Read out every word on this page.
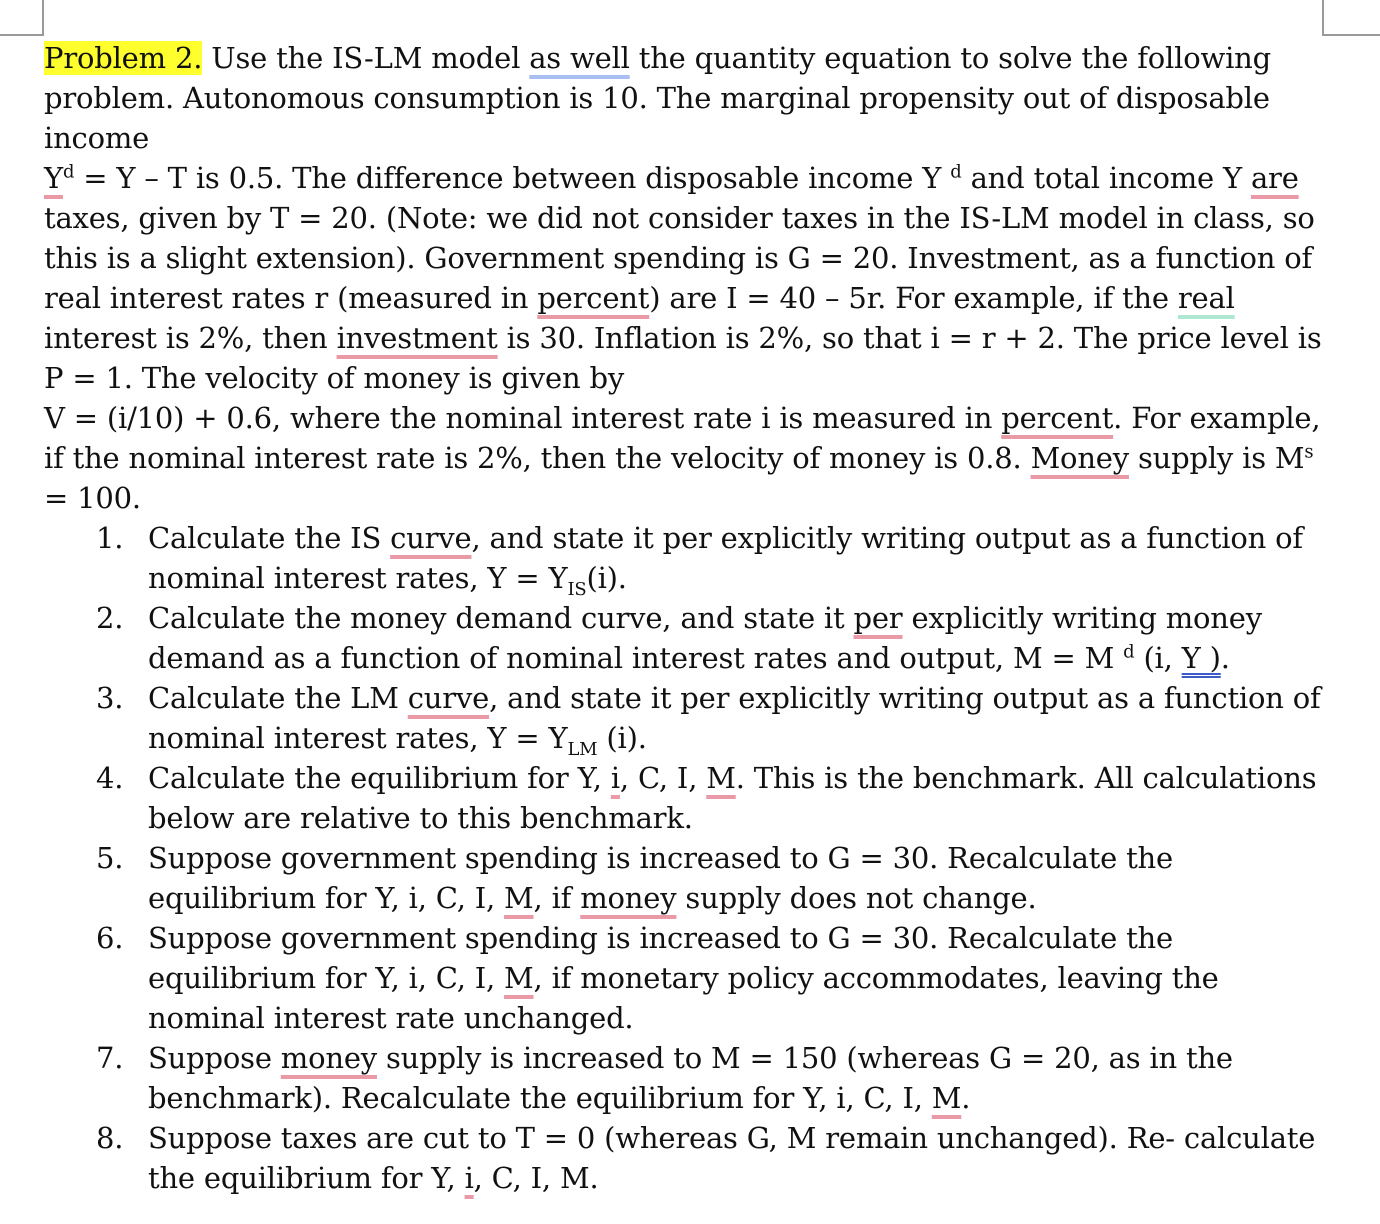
Problem 2. Use the IS-LM model as well the quantity equation to solve the following problem. Autonomous consumption is 10. The marginal propensity out of disposable income
$Y^d = Y - T$ is 0.5. The difference between disposable income Y $^d$ and total income Y are taxes, given by T = 20. (Note: we did not consider taxes in the IS-LM model in class, so this is a slight extension). Government spending is G = 20. Investment, as a function of real interest rates r (measured in percent) are I = 40 – 5r. For example, if the real interest is 2%, then investment is 30. Inflation is 2%, so that i = r + 2. The price level is P = 1. The velocity of money is given by
V = (i/10) + 0.6, where the nominal interest rate i is measured in percent. For example, if the nominal interest rate is 2%, then the velocity of money is 0.8. Money supply is $M^s = 100$.

1. Calculate the IS curve, and state it per explicitly writing output as a function of nominal interest rates, $Y = Y_{IS}(i)$.
2. Calculate the money demand curve, and state it per explicitly writing money demand as a function of nominal interest rates and output, M = M $^d$ (i, Y ).
3. Calculate the LM curve, and state it per explicitly writing output as a function of nominal interest rates, $Y = Y_{LM}$ (i).
4. Calculate the equilibrium for Y, i, C, I, M. This is the benchmark. All calculations below are relative to this benchmark.
5. Suppose government spending is increased to G = 30. Recalculate the equilibrium for Y, i, C, I, M, if money supply does not change.
6. Suppose government spending is increased to G = 30. Recalculate the equilibrium for Y, i, C, I, M, if monetary policy accommodates, leaving the nominal interest rate unchanged.
7. Suppose money supply is increased to M = 150 (whereas G = 20, as in the benchmark). Recalculate the equilibrium for Y, i, C, I, M.
8. Suppose taxes are cut to T = 0 (whereas G, M remain unchanged). Re- calculate the equilibrium for Y, i, C, I, M.
